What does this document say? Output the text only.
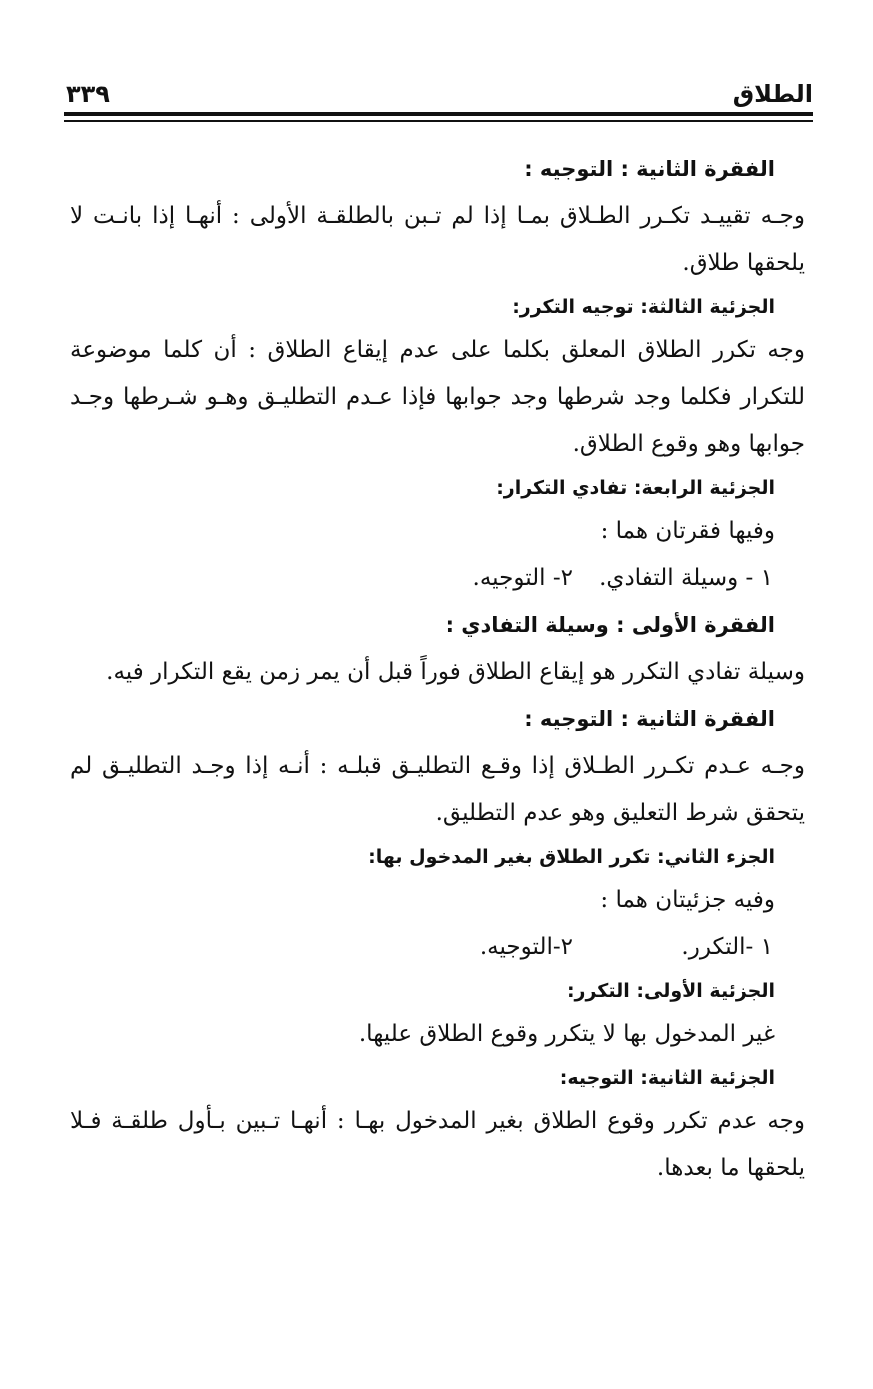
الطلاق
٣٣٩
الفقرة الثانية : التوجيه :
وجـه تقييـد تكـرر الطـلاق بمـا إذا لم تـبن بالطلقـة الأولى : أنهـا إذا بانـت لا
يلحقها طلاق.
الجزئية الثالثة: توجيه التكرر:
وجه تكرر الطلاق المعلق بكلما على عدم إيقاع الطلاق : أن كلما موضوعة
للتكرار فكلما وجد شرطها وجد جوابها فإذا عـدم التطليـق وهـو شـرطها وجـد
جوابها وهو وقوع الطلاق.
الجزئية الرابعة: تفادي التكرار:
وفيها فقرتان هما :
١ - وسيلة التفادي.
٢- التوجيه.
الفقرة الأولى : وسيلة التفادي :
وسيلة تفادي التكرر هو إيقاع الطلاق فوراً قبل أن يمر زمن يقع التكرار فيه.
الفقرة الثانية : التوجيه :
وجـه عـدم تكـرر الطـلاق إذا وقـع التطليـق قبلـه : أنـه إذا وجـد التطليـق لم
يتحقق شرط التعليق وهو عدم التطليق.
الجزء الثاني: تكرر الطلاق بغير المدخول بها:
وفيه جزئيتان هما :
١ -التكرر.
٢-التوجيه.
الجزئية الأولى: التكرر:
غير المدخول بها لا يتكرر وقوع الطلاق عليها.
الجزئية الثانية: التوجيه:
وجه عدم تكرر وقوع الطلاق بغير المدخول بهـا : أنهـا تـبين بـأول طلقـة فـلا
يلحقها ما بعدها.
